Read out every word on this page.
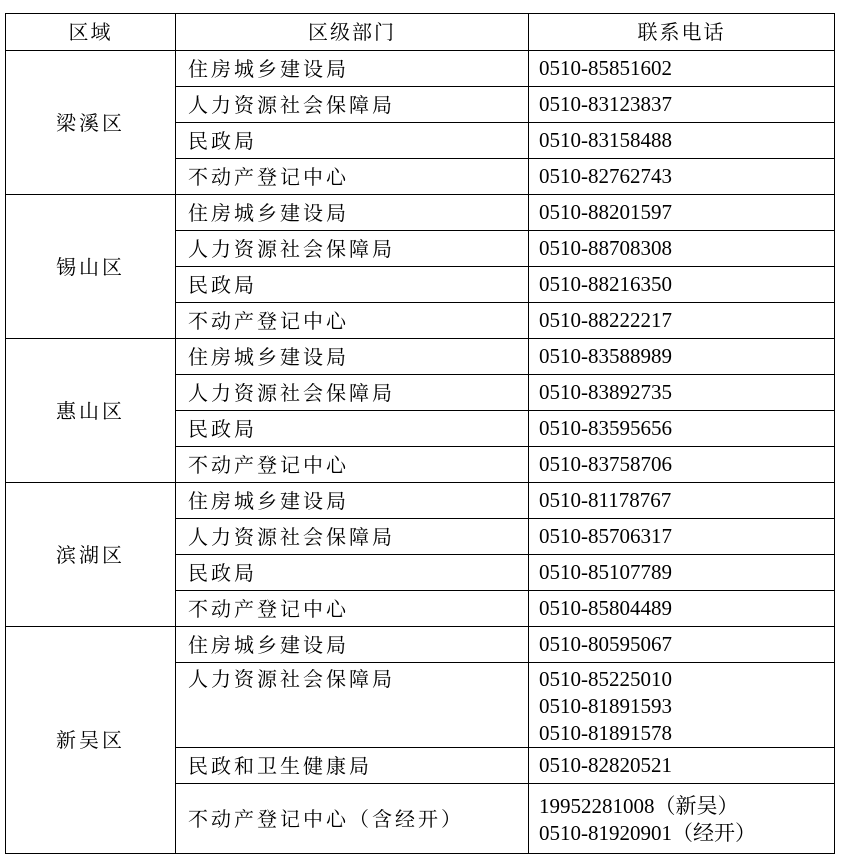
区域	区级部门	联系电话
梁溪区	住房城乡建设局	0510-85851602

	人力资源社会保障局	0510-83123837

	民政局	0510-83158488

	不动产登记中心	0510-82762743

锡山区	住房城乡建设局	0510-88201597

	人力资源社会保障局	0510-88708308

	民政局	0510-88216350

	不动产登记中心	0510-88222217

惠山区	住房城乡建设局	0510-83588989

	人力资源社会保障局	0510-83892735

	民政局	0510-83595656

	不动产登记中心	0510-83758706

滨湖区	住房城乡建设局	0510-81178767

	人力资源社会保障局	0510-85706317

	民政局	0510-85107789

	不动产登记中心	0510-85804489

新吴区	住房城乡建设局	0510-80595067

	人力资源社会保障局	0510-85225010
0510-81891593
0510-81891578

	民政和卫生健康局	0510-82820521

	不动产登记中心（含经开）	19952281008（新吴）
0510-81920901（经开）
